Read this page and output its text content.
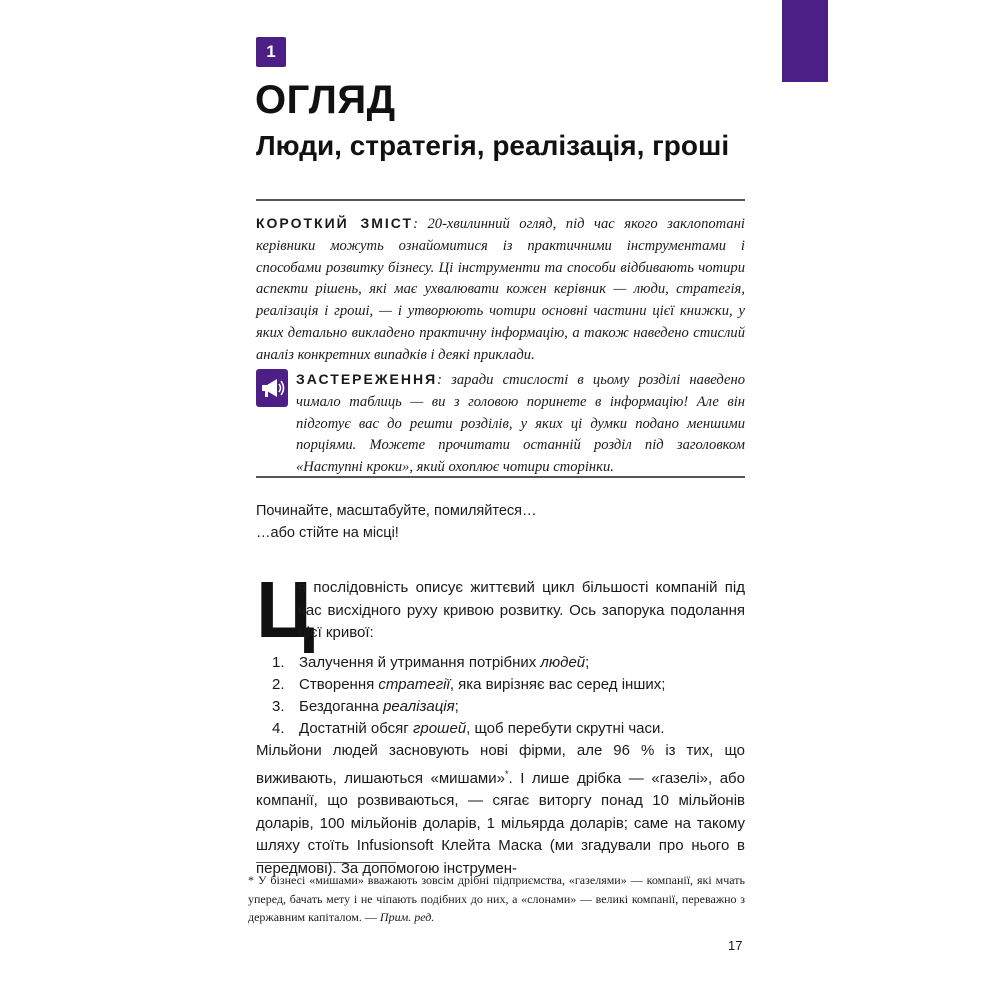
1
ОГЛЯД
Люди, стратегія, реалізація, гроші

КОРОТКИЙ ЗМІСТ: 20-хвилинний огляд, під час якого заклопотані керівники можуть ознайомитися із практичними інструментами і способами розвитку бізнесу. Ці інструменти та способи відбивають чотири аспекти рішень, які має ухвалювати кожен керівник — люди, стратегія, реалізація і гроші, — і утворюють чотири основні частини цієї книжки, у яких детально викладено практичну інформацію, а також наведено стислий аналіз конкретних випадків і деякі приклади.

ЗАСТЕРЕЖЕННЯ: заради стислості в цьому розділі наведено чимало таблиць — ви з головою поринете в інформацію! Але він підготує вас до решти розділів, у яких ці думки подано меншими порціями. Можете прочитати останній розділ під заголовком «Наступні кроки», який охоплює чотири сторінки.

Починайте, масштабуйте, помиляйтеся…
…або стійте на місці!

Ц

я послідовність описує життєвий цикл більшості компаній під час висхідного руху кривою розвитку. Ось запорука подолання цієї кривої:

1. Залучення й утримання потрібних людей;
2. Створення стратегії, яка вирізняє вас серед інших;
3. Бездоганна реалізація;
4. Достатній обсяг грошей, щоб перебути скрутні часи.

Мільйони людей засновують нові фірми, але 96 % із тих, що виживають, лишаються «мишами»*. І лише дрібка — «газелі», або компанії, що розвиваються, — сягає виторгу понад 10 мільйонів доларів, 100 мільйонів доларів, 1 мільярда доларів; саме на такому шляху стоїть Infusionsoft Клейта Маска (ми згадували про нього в передмові). За допомогою інструмен-

* У бізнесі «мишами» вважають зовсім дрібні підприємства, «газелями» — компанії, які мчать уперед, бачать мету і не чіпають подібних до них, а «слонами» — великі компанії, переважно з державним капіталом. — Прим. ред.

17
